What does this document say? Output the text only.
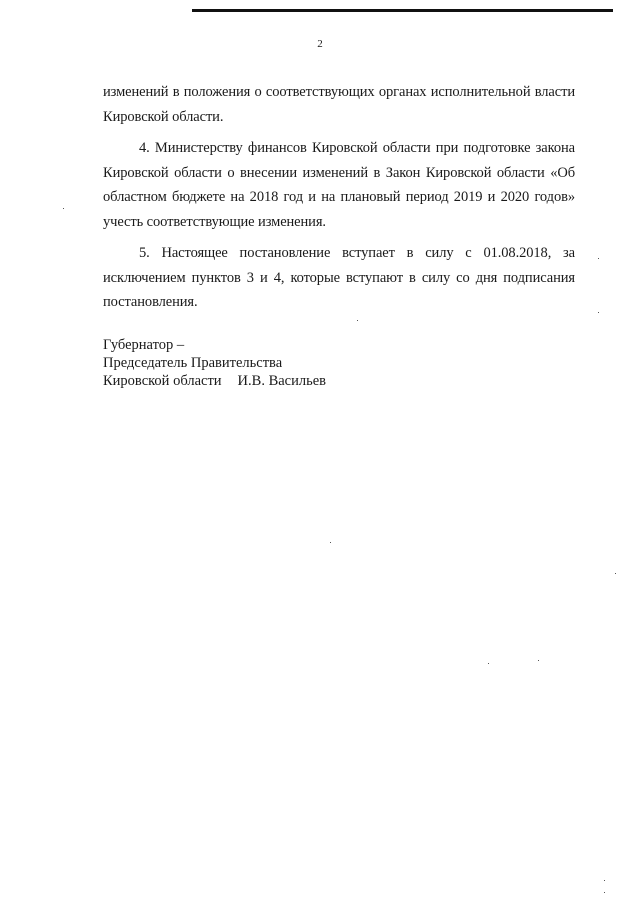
2

изменений в положения о соответствующих органах исполнительной власти Кировской области.

4. Министерству финансов Кировской области при подготовке закона Кировской области о внесении изменений в Закон Кировской области «Об областном бюджете на 2018 год и на плановый период 2019 и 2020 годов» учесть соответствующие изменения.

5. Настоящее постановление вступает в силу с 01.08.2018, за исключением пунктов 3 и 4, которые вступают в силу со дня подписания постановления.

Губернатор –
Председатель Правительства
Кировской области И.В. Васильев
